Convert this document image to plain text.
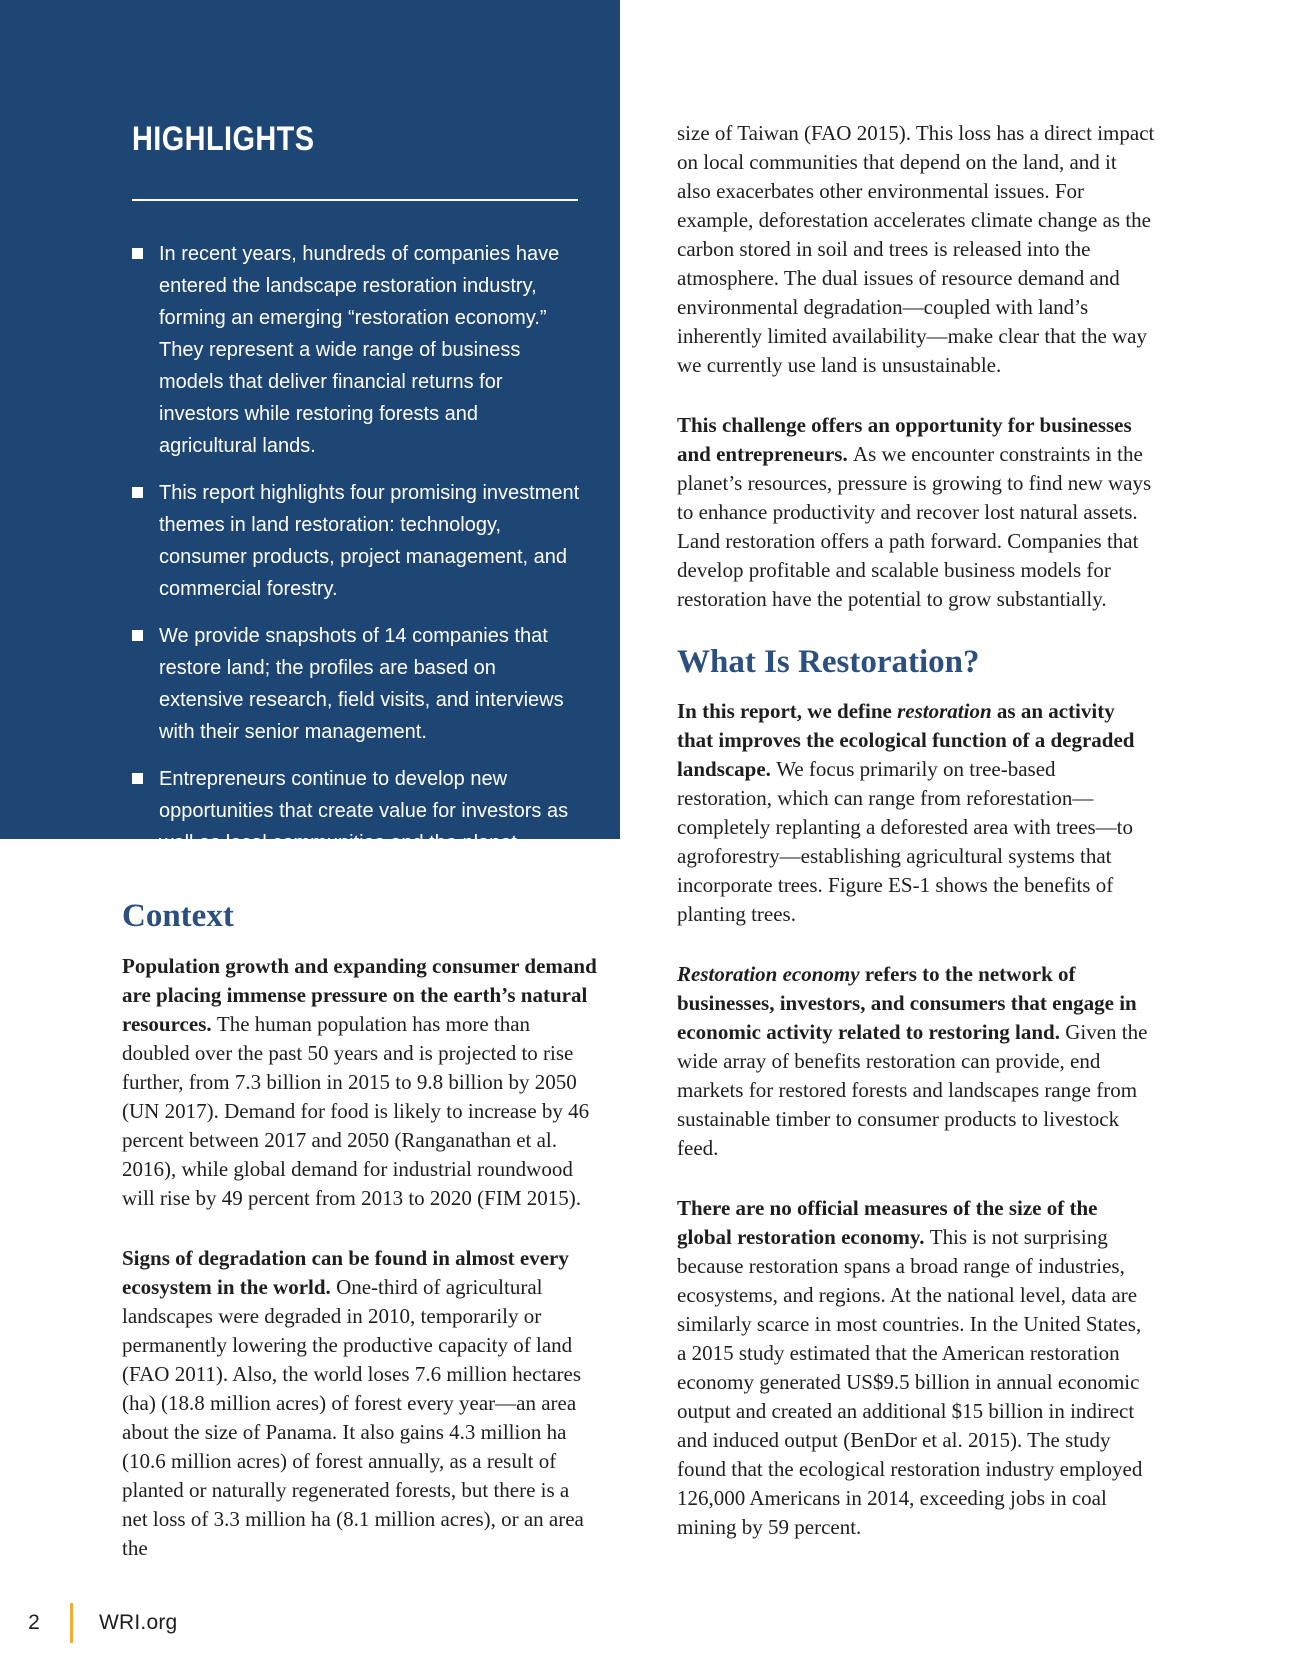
HIGHLIGHTS
In recent years, hundreds of companies have entered the landscape restoration industry, forming an emerging “restoration economy.” They represent a wide range of business models that deliver financial returns for investors while restoring forests and agricultural lands.
This report highlights four promising investment themes in land restoration: technology, consumer products, project management, and commercial forestry.
We provide snapshots of 14 companies that restore land; the profiles are based on extensive research, field visits, and interviews with their senior management.
Entrepreneurs continue to develop new opportunities that create value for investors as well as local communities and the planet.
Context

Population growth and expanding consumer demand are placing immense pressure on the earth’s natural resources. The human population has more than doubled over the past 50 years and is projected to rise further, from 7.3 billion in 2015 to 9.8 billion by 2050 (UN 2017). Demand for food is likely to increase by 46 percent between 2017 and 2050 (Ranganathan et al. 2016), while global demand for industrial roundwood will rise by 49 percent from 2013 to 2020 (FIM 2015).

Signs of degradation can be found in almost every ecosystem in the world. One-third of agricultural landscapes were degraded in 2010, temporarily or permanently lowering the productive capacity of land (FAO 2011). Also, the world loses 7.6 million hectares (ha) (18.8 million acres) of forest every year—an area about the size of Panama. It also gains 4.3 million ha (10.6 million acres) of forest annually, as a result of planted or naturally regenerated forests, but there is a net loss of 3.3 million ha (8.1 million acres), or an area the

size of Taiwan (FAO 2015). This loss has a direct impact on local communities that depend on the land, and it also exacerbates other environmental issues. For example, deforestation accelerates climate change as the carbon stored in soil and trees is released into the atmosphere. The dual issues of resource demand and environmental degradation—coupled with land’s inherently limited availability—make clear that the way we currently use land is unsustainable.

This challenge offers an opportunity for businesses and entrepreneurs. As we encounter constraints in the planet’s resources, pressure is growing to find new ways to enhance productivity and recover lost natural assets. Land restoration offers a path forward. Companies that develop profitable and scalable business models for restoration have the potential to grow substantially.

What Is Restoration?

In this report, we define restoration as an activity that improves the ecological function of a degraded landscape. We focus primarily on tree-based restoration, which can range from reforestation—completely replanting a deforested area with trees—to agroforestry—establishing agricultural systems that incorporate trees. Figure ES-1 shows the benefits of planting trees.

Restoration economy refers to the network of businesses, investors, and consumers that engage in economic activity related to restoring land. Given the wide array of benefits restoration can provide, end markets for restored forests and landscapes range from sustainable timber to consumer products to livestock feed.

There are no official measures of the size of the global restoration economy. This is not surprising because restoration spans a broad range of industries, ecosystems, and regions. At the national level, data are similarly scarce in most countries. In the United States, a 2015 study estimated that the American restoration economy generated US$9.5 billion in annual economic output and created an additional $15 billion in indirect and induced output (BenDor et al. 2015). The study found that the ecological restoration industry employed 126,000 Americans in 2014, exceeding jobs in coal mining by 59 percent.

2	WRI.org
